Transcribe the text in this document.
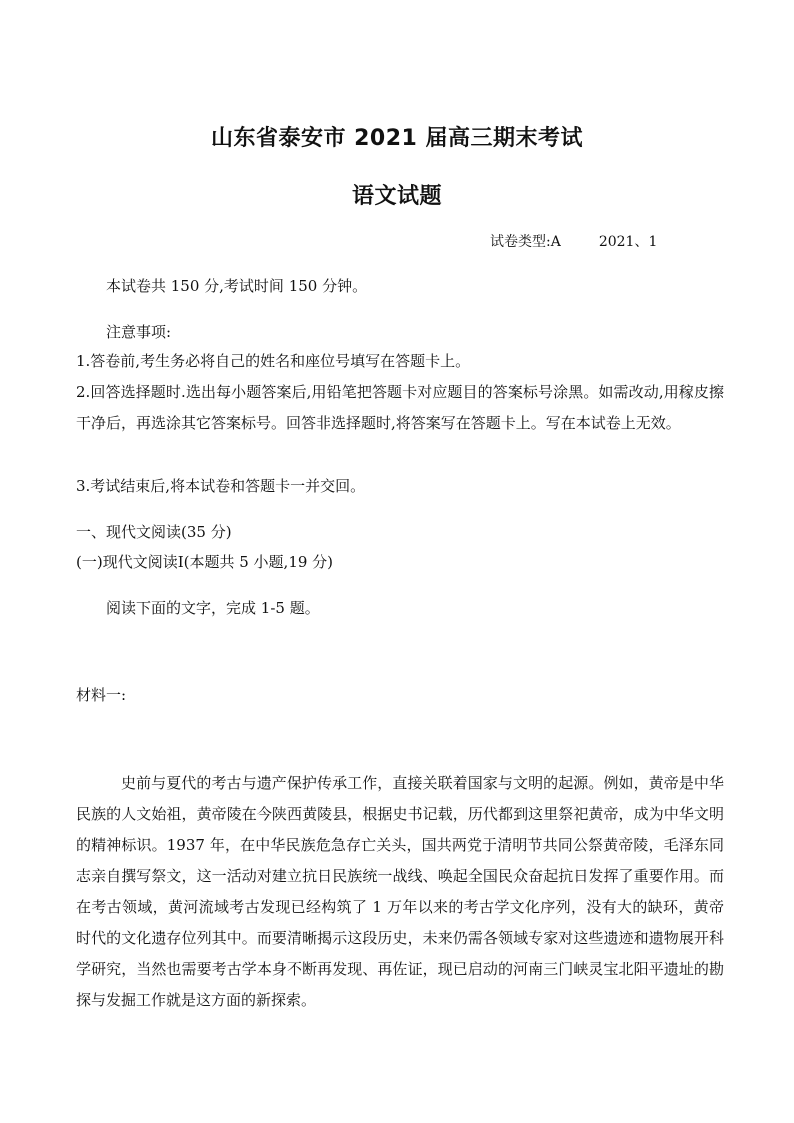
山东省泰安市 2021 届高三期末考试
语文试题
试卷类型:A	2021、1
本试卷共 150 分,考试时间 150 分钟。
注意事项:
1.答卷前,考生务必将自己的姓名和座位号填写在答题卡上。
2.回答选择题时.选出每小题答案后,用铅笔把答题卡对应题目的答案标号涂黑。如需改动,用稼皮擦干净后，再选涂其它答案标号。回答非选择题时,将答案写在答题卡上。写在本试卷上无效。
3.考试结束后,将本试卷和答题卡一并交回。
一、现代文阅读(35 分)
(一)现代文阅读Ⅰ(本题共 5 小题,19 分)
阅读下面的文字，完成 1-5 题。
材料一:
史前与夏代的考古与遗产保护传承工作，直接关联着国家与文明的起源。例如，黄帝是中华民族的人文始祖，黄帝陵在今陕西黄陵县，根据史书记载，历代都到这里祭祀黄帝，成为中华文明的精神标识。1937 年，在中华民族危急存亡关头，国共两党于清明节共同公祭黄帝陵，毛泽东同志亲自撰写祭文，这一活动对建立抗日民族统一战线、唤起全国民众奋起抗日发挥了重要作用。而在考古领域，黄河流域考古发现已经构筑了 1 万年以来的考古学文化序列，没有大的缺环，黄帝时代的文化遗存位列其中。而要清晰揭示这段历史，未来仍需各领域专家对这些遗迹和遗物展开科学研究，当然也需要考古学本身不断再发现、再佐证，现已启动的河南三门峡灵宝北阳平遗址的勘探与发掘工作就是这方面的新探索。
